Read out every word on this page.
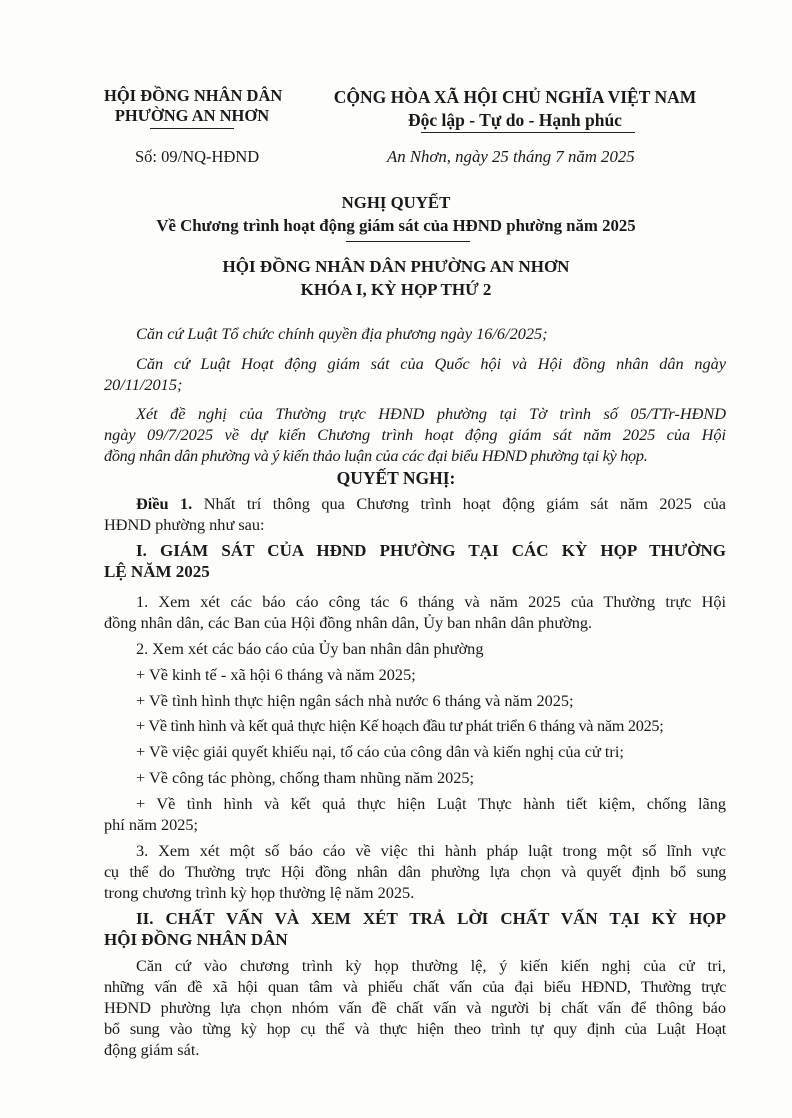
HỘI ĐỒNG NHÂN DÂN
PHƯỜNG AN NHƠN
CỘNG HÒA XÃ HỘI CHỦ NGHĨA VIỆT NAM
Độc lập - Tự do - Hạnh phúc
Số: 09/NQ-HĐND	An Nhơn, ngày 25 tháng 7 năm 2025
NGHỊ QUYẾT
Về Chương trình hoạt động giám sát của HĐND phường năm 2025
HỘI ĐỒNG NHÂN DÂN PHƯỜNG AN NHƠN
KHÓA I, KỲ HỌP THỨ 2
Căn cứ Luật Tổ chức chính quyền địa phương ngày 16/6/2025;
Căn cứ Luật Hoạt động giám sát của Quốc hội và Hội đồng nhân dân ngày
20/11/2015;
Xét đề nghị của Thường trực HĐND phường tại Tờ trình số 05/TTr-HĐND
ngày 09/7/2025 về dự kiến Chương trình hoạt động giám sát năm 2025 của Hội
đồng nhân dân phường và ý kiến thảo luận của các đại biểu HĐND phường tại kỳ họp.
QUYẾT NGHỊ:
Điều 1. Nhất trí thông qua Chương trình hoạt động giám sát năm 2025 của
HĐND phường như sau:
I. GIÁM SÁT CỦA HĐND PHƯỜNG TẠI CÁC KỲ HỌP THƯỜNG
LỆ NĂM 2025
1. Xem xét các báo cáo công tác 6 tháng và năm 2025 của Thường trực Hội
đồng nhân dân, các Ban của Hội đồng nhân dân, Ủy ban nhân dân phường.
2. Xem xét các báo cáo của Ủy ban nhân dân phường
+ Về kinh tế - xã hội 6 tháng và năm 2025;
+ Về tình hình thực hiện ngân sách nhà nước 6 tháng và năm 2025;
+ Về tình hình và kết quả thực hiện Kế hoạch đầu tư phát triển 6 tháng và năm 2025;
+ Về việc giải quyết khiếu nại, tố cáo của công dân và kiến nghị của cử tri;
+ Về công tác phòng, chống tham nhũng năm 2025;
+ Về tình hình và kết quả thực hiện Luật Thực hành tiết kiệm, chống lãng
phí năm 2025;
3. Xem xét một số báo cáo về việc thi hành pháp luật trong một số lĩnh vực
cụ thể do Thường trực Hội đồng nhân dân phường lựa chọn và quyết định bổ sung
trong chương trình kỳ họp thường lệ năm 2025.
II. CHẤT VẤN VÀ XEM XÉT TRẢ LỜI CHẤT VẤN TẠI KỲ HỌP
HỘI ĐỒNG NHÂN DÂN
Căn cứ vào chương trình kỳ họp thường lệ, ý kiến kiến nghị của cử tri,
những vấn đề xã hội quan tâm và phiếu chất vấn của đại biểu HĐND, Thường trực
HĐND phường lựa chọn nhóm vấn đề chất vấn và người bị chất vấn để thông báo
bổ sung vào từng kỳ họp cụ thể và thực hiện theo trình tự quy định của Luật Hoạt
động giám sát.
